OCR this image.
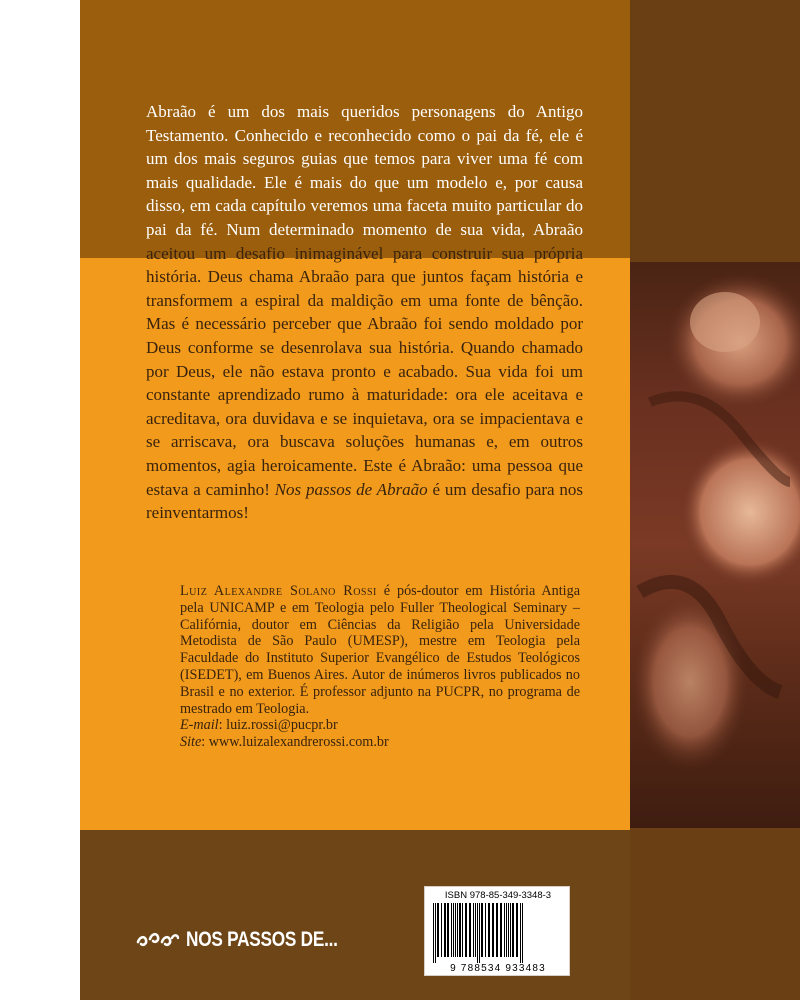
Abraão é um dos mais queridos personagens do Antigo Testamento. Conhecido e reconhecido como o pai da fé, ele é um dos mais seguros guias que temos para viver uma fé com mais qualidade. Ele é mais do que um modelo e, por causa disso, em cada capítulo veremos uma faceta muito particular do pai da fé. Num determinado momento de sua vida, Abraão aceitou um desafio inimaginável para construir sua própria história. Deus chama Abraão para que juntos façam história e transformem a espiral da maldição em uma fonte de bênção. Mas é necessário perceber que Abraão foi sendo moldado por Deus conforme se desenrolava sua história. Quando chamado por Deus, ele não estava pronto e acabado. Sua vida foi um constante aprendizado rumo à maturidade: ora ele aceitava e acreditava, ora duvidava e se inquietava, ora se impacientava e se arriscava, ora buscava soluções humanas e, em outros momentos, agia heroicamente. Este é Abraão: uma pessoa que estava a caminho! Nos passos de Abraão é um desafio para nos reinventarmos!

Luiz Alexandre Solano Rossi é pós-doutor em História Antiga pela UNICAMP e em Teologia pelo Fuller Theological Seminary – Califórnia, doutor em Ciências da Religião pela Universidade Metodista de São Paulo (UMESP), mestre em Teologia pela Faculdade do Instituto Superior Evangélico de Estudos Teológicos (ISEDET), em Buenos Aires. Autor de inúmeros livros publicados no Brasil e no exterior. É professor adjunto na PUCPR, no programa de mestrado em Teologia.
E-mail: luiz.rossi@pucpr.br
Site: www.luizalexandrerossi.com.br
NOS PASSOS DE...
ISBN 978-85-349-3348-3
9 788534 933483
